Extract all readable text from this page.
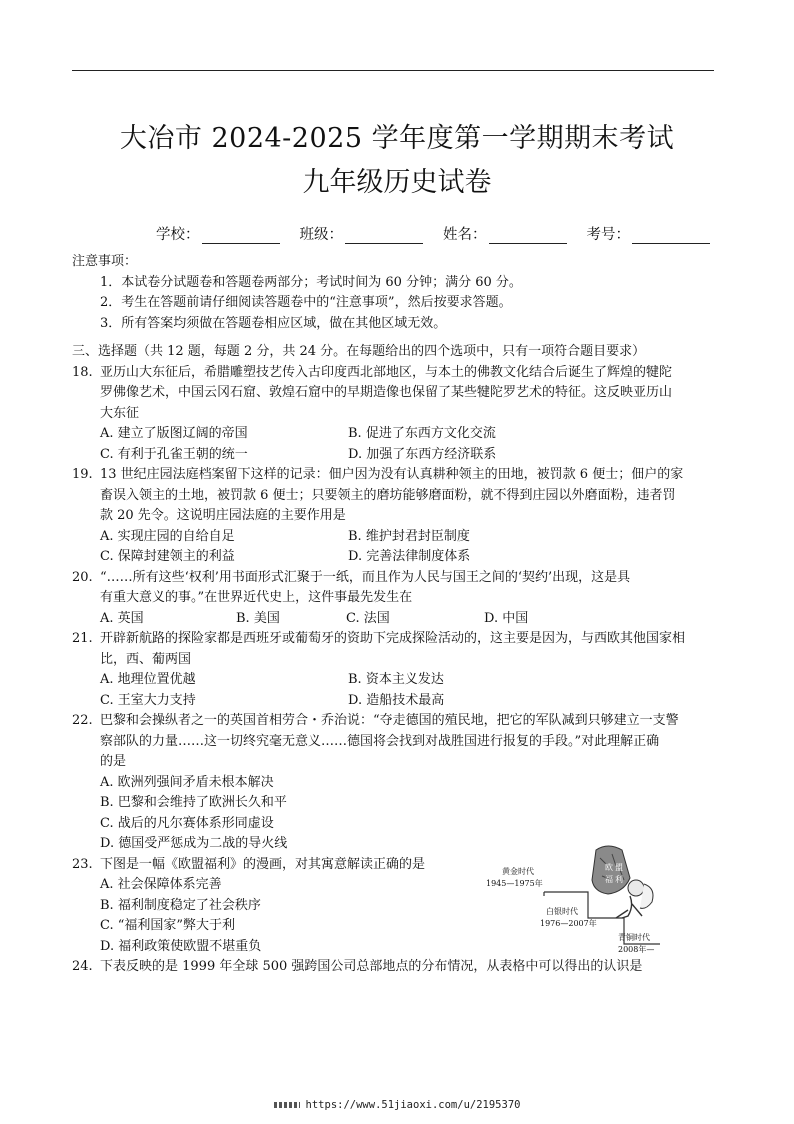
大冶市 2024-2025 学年度第一学期期末考试
九年级历史试卷
学校：	班级：	姓名：	考号：
注意事项：
1．本试卷分试题卷和答题卷两部分；考试时间为 60 分钟；满分 60 分。
2．考生在答题前请仔细阅读答题卷中的“注意事项”，然后按要求答题。
3．所有答案均须做在答题卷相应区域，做在其他区域无效。
三、选择题（共 12 题，每题 2 分，共 24 分。在每题给出的四个选项中，只有一项符合题目要求）
18. 亚历山大东征后，希腊雕塑技艺传入古印度西北部地区，与本土的佛教文化结合后诞生了辉煌的犍陀
罗佛像艺术，中国云冈石窟、敦煌石窟中的早期造像也保留了某些犍陀罗艺术的特征。这反映亚历山
大东征
A. 建立了版图辽阔的帝国	B. 促进了东西方文化交流
C. 有利于孔雀王朝的统一	D. 加强了东西方经济联系
19. 13 世纪庄园法庭档案留下这样的记录：佃户因为没有认真耕种领主的田地，被罚款 6 便士；佃户的家
畜误入领主的土地，被罚款 6 便士；只要领主的磨坊能够磨面粉，就不得到庄园以外磨面粉，违者罚
款 20 先令。这说明庄园法庭的主要作用是
A. 实现庄园的自给自足	B. 维护封君封臣制度
C. 保障封建领主的利益	D. 完善法律制度体系
20. “……所有这些‘权利’用书面形式汇聚于一纸，而且作为人民与国王之间的‘契约’出现，这是具
有重大意义的事。”在世界近代史上，这件事最先发生在
A. 英国	B. 美国	C. 法国	D. 中国
21. 开辟新航路的探险家都是西班牙或葡萄牙的资助下完成探险活动的，这主要是因为，与西欧其他国家相
比，西、葡两国
A. 地理位置优越	B. 资本主义发达
C. 王室大力支持	D. 造船技术最高
22. 巴黎和会操纵者之一的英国首相劳合・乔治说：“夺走德国的殖民地，把它的军队减到只够建立一支警
察部队的力量……这一切终究毫无意义……德国将会找到对战胜国进行报复的手段。”对此理解正确
的是
A. 欧洲列强间矛盾未根本解决
B. 巴黎和会维持了欧洲长久和平
C. 战后的凡尔赛体系形同虚设
D. 德国受严惩成为二战的导火线
23. 下图是一幅《欧盟福利》的漫画，对其寓意解读正确的是
A. 社会保障体系完善
B. 福利制度稳定了社会秩序
C. “福利国家”弊大于利
D. 福利政策使欧盟不堪重负
24. 下表反映的是 1999 年全球 500 强跨国公司总部地点的分布情况，从表格中可以得出的认识是
欧 盟
福 利
黄金时代
1945—1975年
白银时代
1976—2007年
青铜时代
2008年—
https://www.51jiaoxi.com/u/2195370
